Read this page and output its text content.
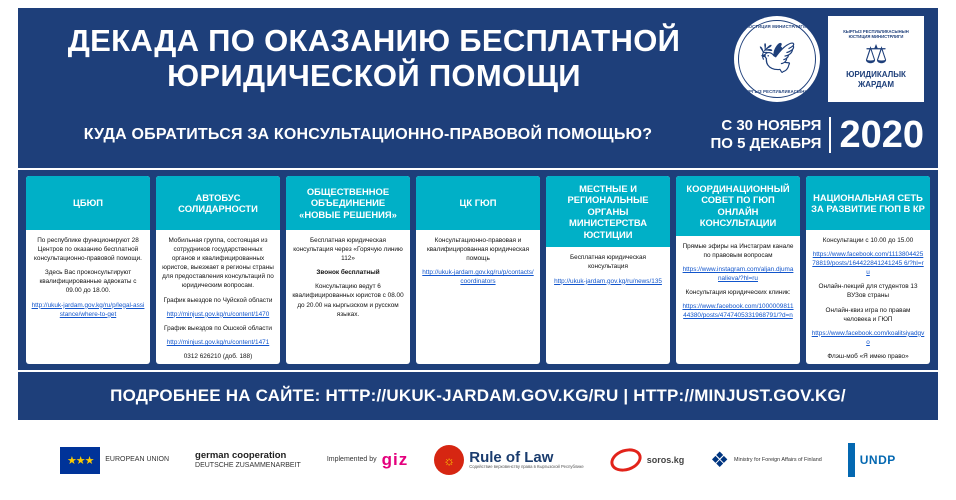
ДЕКАДА ПО ОКАЗАНИЮ БЕСПЛАТНОЙ ЮРИДИЧЕСКОЙ ПОМОЩИ
КУДА ОБРАТИТЬСЯ ЗА КОНСУЛЬТАЦИОННО-ПРАВОВОЙ ПОМОЩЬЮ?
С 30 НОЯБРЯ
ПО 5 ДЕКАБРЯ 2020
ЮСТИЦИЯ МИНИСТРЛИГИ
🕊
КЫРГЫЗ РЕСПУБЛИКАСЫНЫН
КЫРГЫЗ РЕСПУБЛИКАСЫНЫН ЮСТИЦИЯ МИНИСТРЛИГИ
⚖
ЮРИДИКАЛЫК ЖАРДАМ
ЦБЮП

По республике функционируют 28 Центров по оказанию бесплатной консультационно-правовой помощи.

Здесь Вас проконсультируют квалифицированные адвокаты с 09.00 до 18.00.

http://ukuk-jardam.gov.kg/ru/p/legal-assistance/where-to-get
АВТОБУС СОЛИДАРНОСТИ

Мобильная группа, состоящая из сотрудников государственных органов и квалифицированных юристов, выезжает в регионы страны для предоставления консультаций по юридическим вопросам.

График выездов по Чуйской области

http://minjust.gov.kg/ru/content/1470

График выездов по Ошской области

http://minjust.gov.kg/ru/content/1471

0312 626210 (доб. 188)

ОБЩЕСТВЕННОЕ ОБЪЕДИНЕНИЕ «НОВЫЕ РЕШЕНИЯ»

Бесплатная юридическая консультация через «Горячую линию 112»

Звонок бесплатный

Консультацию ведут 6 квалифицированных юристов с 08.00 до 20.00 на кыргызском и русском языках.

ЦК ГЮП

Консультационно-правовая и квалифицированная юридическая помощь

http://ukuk-jardam.gov.kg/ru/p/contacts/coordinators
МЕСТНЫЕ И РЕГИОНАЛЬНЫЕ ОРГАНЫ МИНИСТЕРСТВА ЮСТИЦИИ

Бесплатная юридическая консультация

http://ukuk-jardam.gov.kg/ru/news/135
КООРДИНАЦИОННЫЙ СОВЕТ ПО ГЮП ОНЛАЙН КОНСУЛЬТАЦИИ

Прямые эфиры на Инстаграм канале по правовым вопросам

https://www.instagram.com/aljan.djumanalieva/?hl=ru

Консультация юридических клиник:

https://www.facebook.com/100000981144380/posts/4747405331968791/?d=n
НАЦИОНАЛЬНАЯ СЕТЬ ЗА РАЗВИТИЕ ГЮП В КР

Консультации с 10.00 до 15.00

https://www.facebook.com/111380442578819/posts/164422841241245 6/?hl=ru

Онлайн-лекций для студентов 13 ВУЗов страны

Онлайн-квиз игра по правам человека и ГЮП

https://www.facebook.com/koalitsiyadgvo

Флэш-моб «Я имею право»

ПОДРОБНЕЕ НА САЙТЕ: HTTP://UKUK-JARDAM.GOV.KG/RU | HTTP://MINJUST.GOV.KG/
★★★	EUROPEAN UNION	german cooperation
DEUTSCHE ZUSAMMENARBEIT
Implemented by giz	☼ Rule of Law
Содействие верховенству права в Кыргызской Республике
soros.kg ❖ Ministry for Foreign Affairs of Finland	UNDP
